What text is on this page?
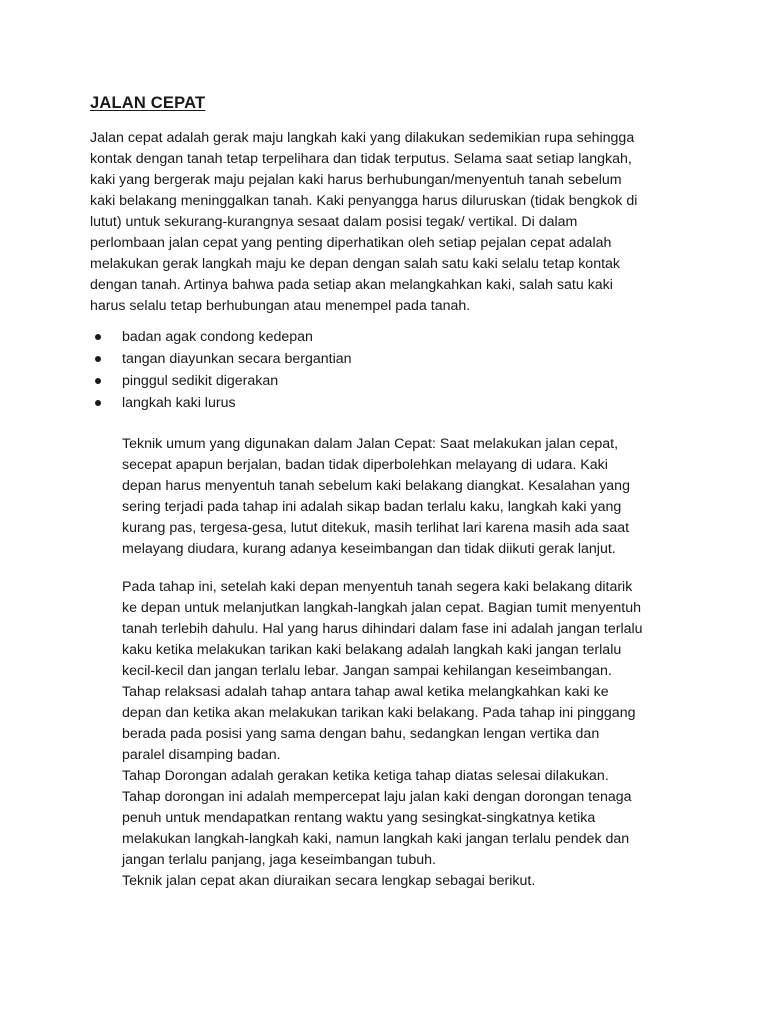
JALAN CEPAT

Jalan cepat adalah gerak maju langkah kaki yang dilakukan sedemikian rupa sehingga
kontak dengan tanah tetap terpelihara dan tidak terputus. Selama saat setiap langkah,
kaki yang bergerak maju pejalan kaki harus berhubungan/menyentuh tanah sebelum
kaki belakang meninggalkan tanah. Kaki penyangga harus diluruskan (tidak bengkok di
lutut) untuk sekurang-kurangnya sesaat dalam posisi tegak/ vertikal. Di dalam
perlombaan jalan cepat yang penting diperhatikan oleh setiap pejalan cepat adalah
melakukan gerak langkah maju ke depan dengan salah satu kaki selalu tetap kontak
dengan tanah. Artinya bahwa pada setiap akan melangkahkan kaki, salah satu kaki
harus selalu tetap berhubungan atau menempel pada tanah.

badan agak condong kedepan
tangan diayunkan secara bergantian
pinggul sedikit digerakan
langkah kaki lurus

Teknik umum yang digunakan dalam Jalan Cepat: Saat melakukan jalan cepat,
secepat apapun berjalan, badan tidak diperbolehkan melayang di udara. Kaki
depan harus menyentuh tanah sebelum kaki belakang diangkat. Kesalahan yang
sering terjadi pada tahap ini adalah sikap badan terlalu kaku, langkah kaki yang
kurang pas, tergesa-gesa, lutut ditekuk, masih terlihat lari karena masih ada saat
melayang diudara, kurang adanya keseimbangan dan tidak diikuti gerak lanjut.

Pada tahap ini, setelah kaki depan menyentuh tanah segera kaki belakang ditarik
ke depan untuk melanjutkan langkah-langkah jalan cepat. Bagian tumit menyentuh
tanah terlebih dahulu. Hal yang harus dihindari dalam fase ini adalah jangan terlalu
kaku ketika melakukan tarikan kaki belakang adalah langkah kaki jangan terlalu
kecil-kecil dan jangan terlalu lebar. Jangan sampai kehilangan keseimbangan.
Tahap relaksasi adalah tahap antara tahap awal ketika melangkahkan kaki ke
depan dan ketika akan melakukan tarikan kaki belakang. Pada tahap ini pinggang
berada pada posisi yang sama dengan bahu, sedangkan lengan vertika dan
paralel disamping badan.
Tahap Dorongan adalah gerakan ketika ketiga tahap diatas selesai dilakukan.
Tahap dorongan ini adalah mempercepat laju jalan kaki dengan dorongan tenaga
penuh untuk mendapatkan rentang waktu yang sesingkat-singkatnya ketika
melakukan langkah-langkah kaki, namun langkah kaki jangan terlalu pendek dan
jangan terlalu panjang, jaga keseimbangan tubuh.
Teknik jalan cepat akan diuraikan secara lengkap sebagai berikut.
